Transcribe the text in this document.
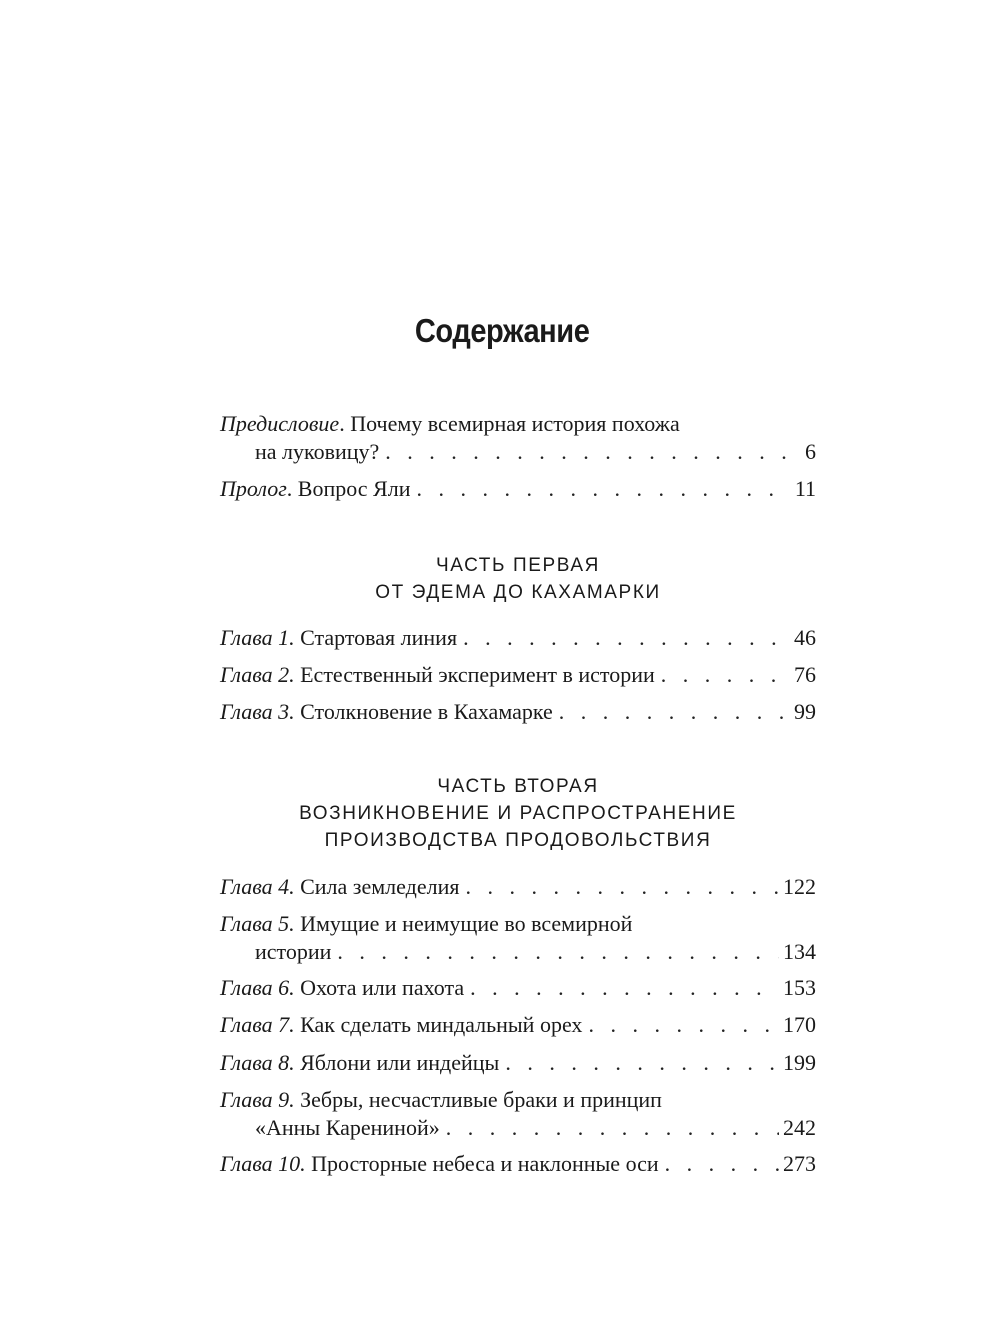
Содержание
Предисловие .
Почему всемирная история похожа
на луковицу? . . .	6
Пролог .
Вопрос Яли . . .	11
ЧАСТЬ ПЕРВАЯ
ОТ ЭДЕМА ДО КАХАМАРКИ
Глава 1.
Стартовая линия . . .	46
Глава 2.
Естественный эксперимент в истории . . .	76
Глава 3.
Столкновение в Кахамарке . . .	99
ЧАСТЬ ВТОРАЯ
ВОЗНИКНОВЕНИЕ И РАСПРОСТРАНЕНИЕ
ПРОИЗВОДСТВА ПРОДОВОЛЬСТВИЯ
Глава 4.
Сила земледелия . . .	122
Глава 5.
Имущие и неимущие во всемирной
истории . . .	134
Глава 6.
Охота или пахота . . .	153
Глава 7.
Как сделать миндальный орех . . .	170
Глава 8.
Яблони или индейцы . . .	199
Глава 9.
Зебры, несчастливые браки и принцип
«Анны Карениной» . . .	242
Глава 10.
Просторные небеса и наклонные оси . . .	273
